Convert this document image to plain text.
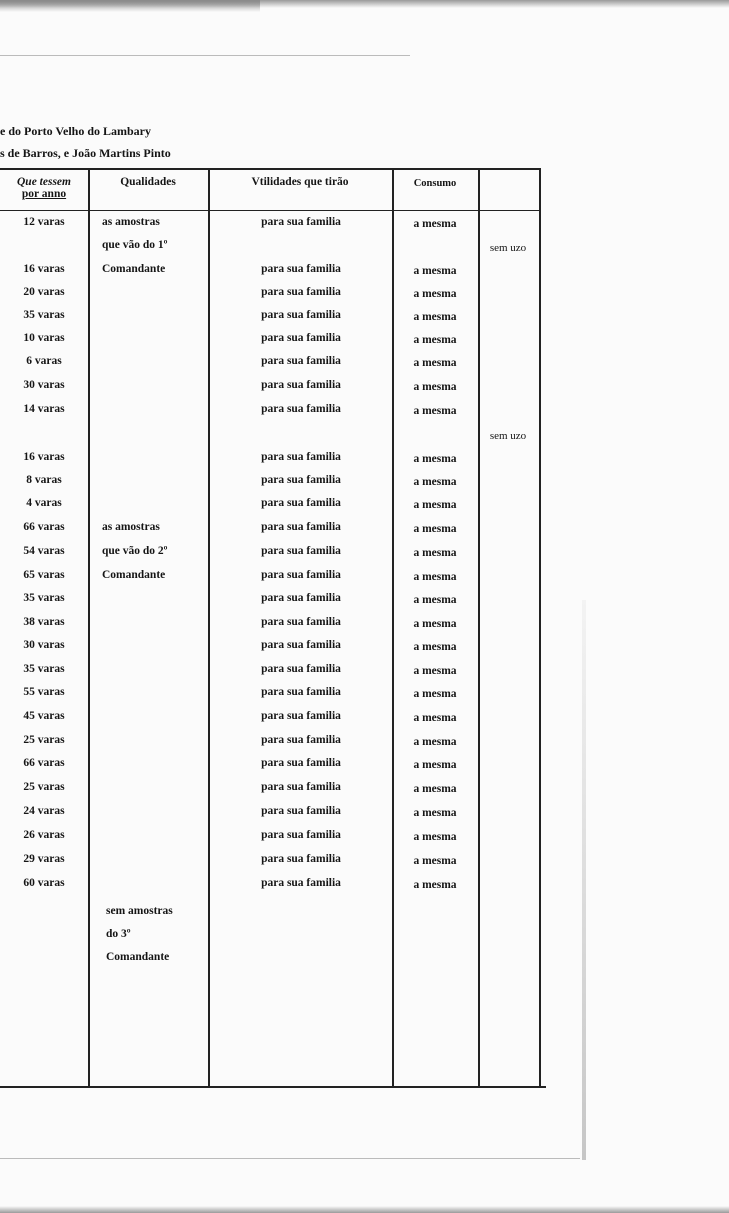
e do Porto Velho do Lambary
s de Barros, e João Martins Pinto
Que tessem
por anno
Qualidades	Vtilidades que tirão	Consumo
12 varas
16 varas
20 varas
35 varas
10 varas
6 varas
30 varas
14 varas
16 varas
8 varas
4 varas
66 varas
54 varas
65 varas
35 varas
38 varas
30 varas
35 varas
55 varas
45 varas
25 varas
66 varas
25 varas
24 varas
26 varas
29 varas
60 varas
as amostras
que vão do 1º
Comandante
as amostras
que vão do 2º
Comandante
sem amostras
do 3º
Comandante
para sua familia
para sua familia
para sua familia
para sua familia
para sua familia
para sua familia
para sua familia
para sua familia
para sua familia
para sua familia
para sua familia
para sua familia
para sua familia
para sua familia
para sua familia
para sua familia
para sua familia
para sua familia
para sua familia
para sua familia
para sua familia
para sua familia
para sua familia
para sua familia
para sua familia
para sua familia
para sua familia
a mesma
a mesma
a mesma
a mesma
a mesma
a mesma
a mesma
a mesma
a mesma
a mesma
a mesma
a mesma
a mesma
a mesma
a mesma
a mesma
a mesma
a mesma
a mesma
a mesma
a mesma
a mesma
a mesma
a mesma
a mesma
a mesma
a mesma
sem uzo
sem uzo
